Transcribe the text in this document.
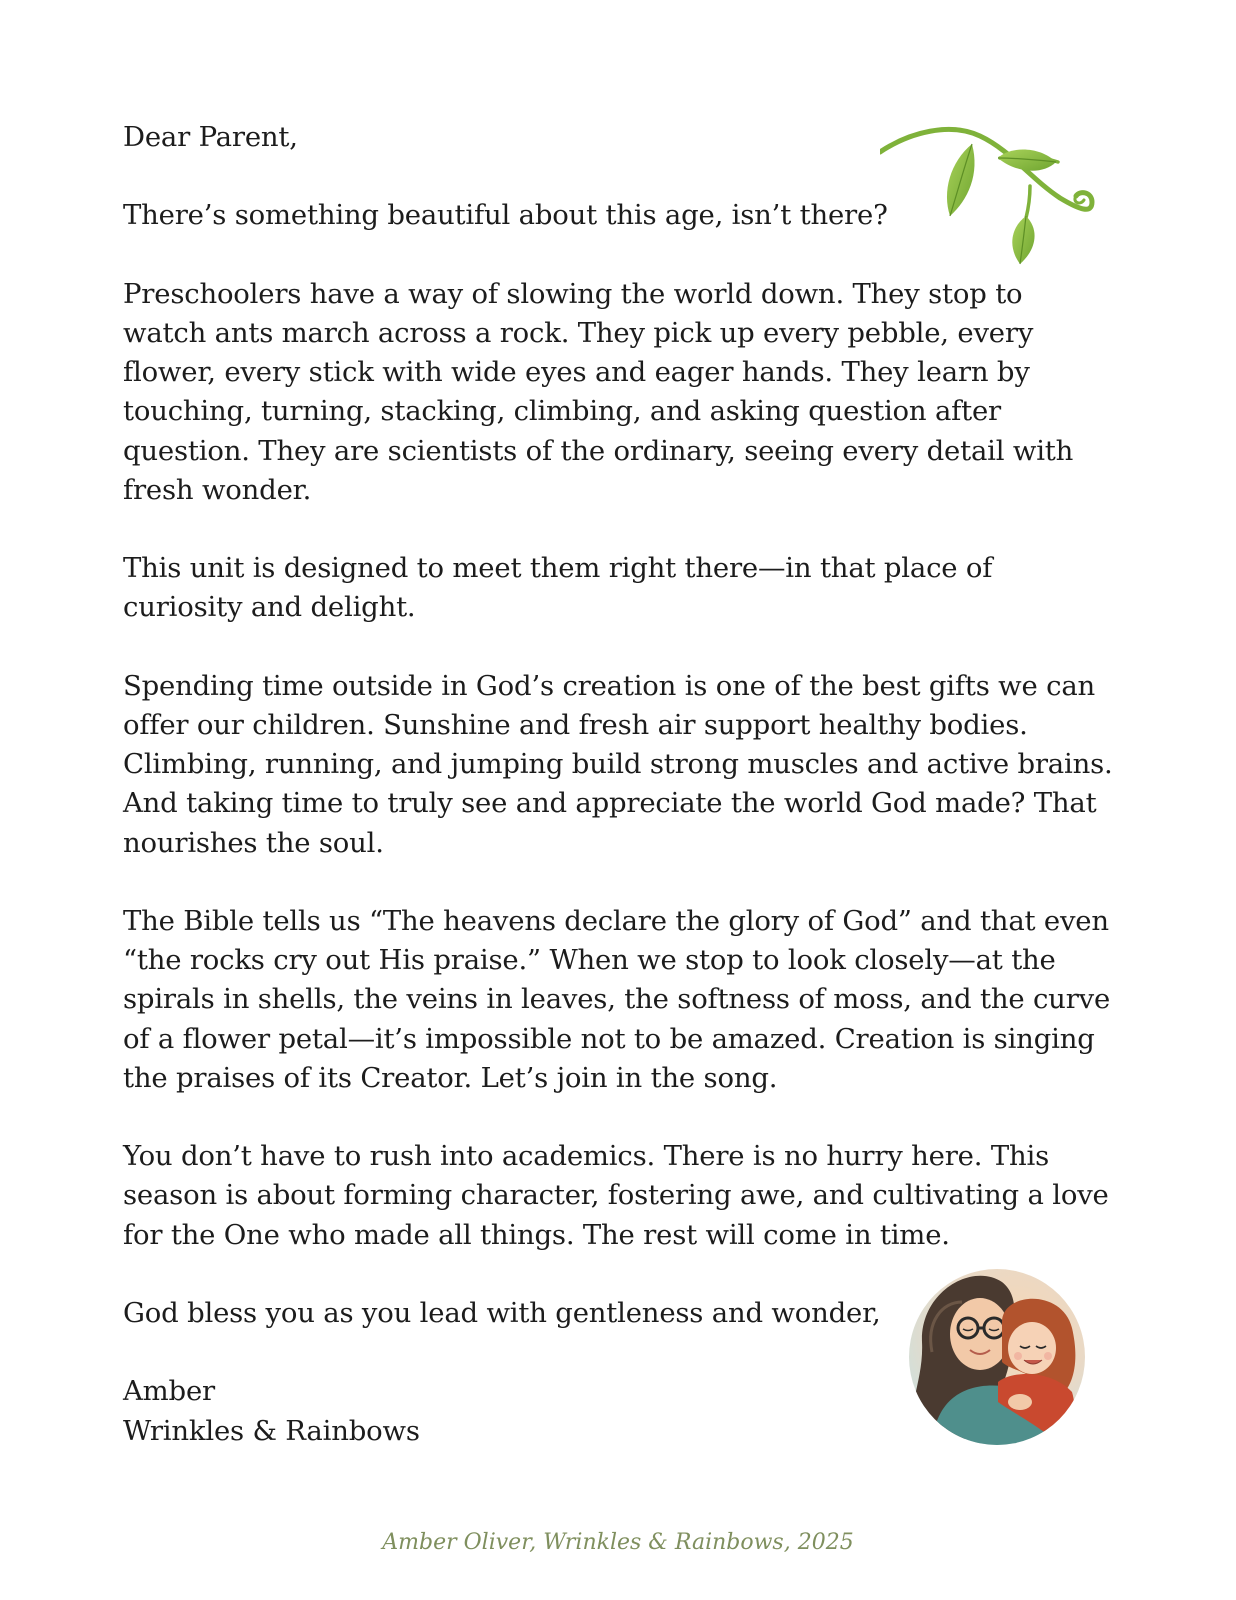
Dear Parent,

There’s something beautiful about this age, isn’t there?

Preschoolers have a way of slowing the world down. They stop to watch ants march across a rock. They pick up every pebble, every flower, every stick with wide eyes and eager hands. They learn by touching, turning, stacking, climbing, and asking question after question. They are scientists of the ordinary, seeing every detail with fresh wonder.

This unit is designed to meet them right there—in that place of curiosity and delight.

Spending time outside in God’s creation is one of the best gifts we can offer our children. Sunshine and fresh air support healthy bodies. Climbing, running, and jumping build strong muscles and active brains. And taking time to truly see and appreciate the world God made? That nourishes the soul.

The Bible tells us “The heavens declare the glory of God” and that even “the rocks cry out His praise.” When we stop to look closely—at the spirals in shells, the veins in leaves, the softness of moss, and the curve of a flower petal—it’s impossible not to be amazed. Creation is singing the praises of its Creator. Let’s join in the song.

You don’t have to rush into academics. There is no hurry here. This season is about forming character, fostering awe, and cultivating a love for the One who made all things. The rest will come in time.

God bless you as you lead with gentleness and wonder,

Amber
Wrinkles & Rainbows
Amber Oliver, Wrinkles & Rainbows, 2025
